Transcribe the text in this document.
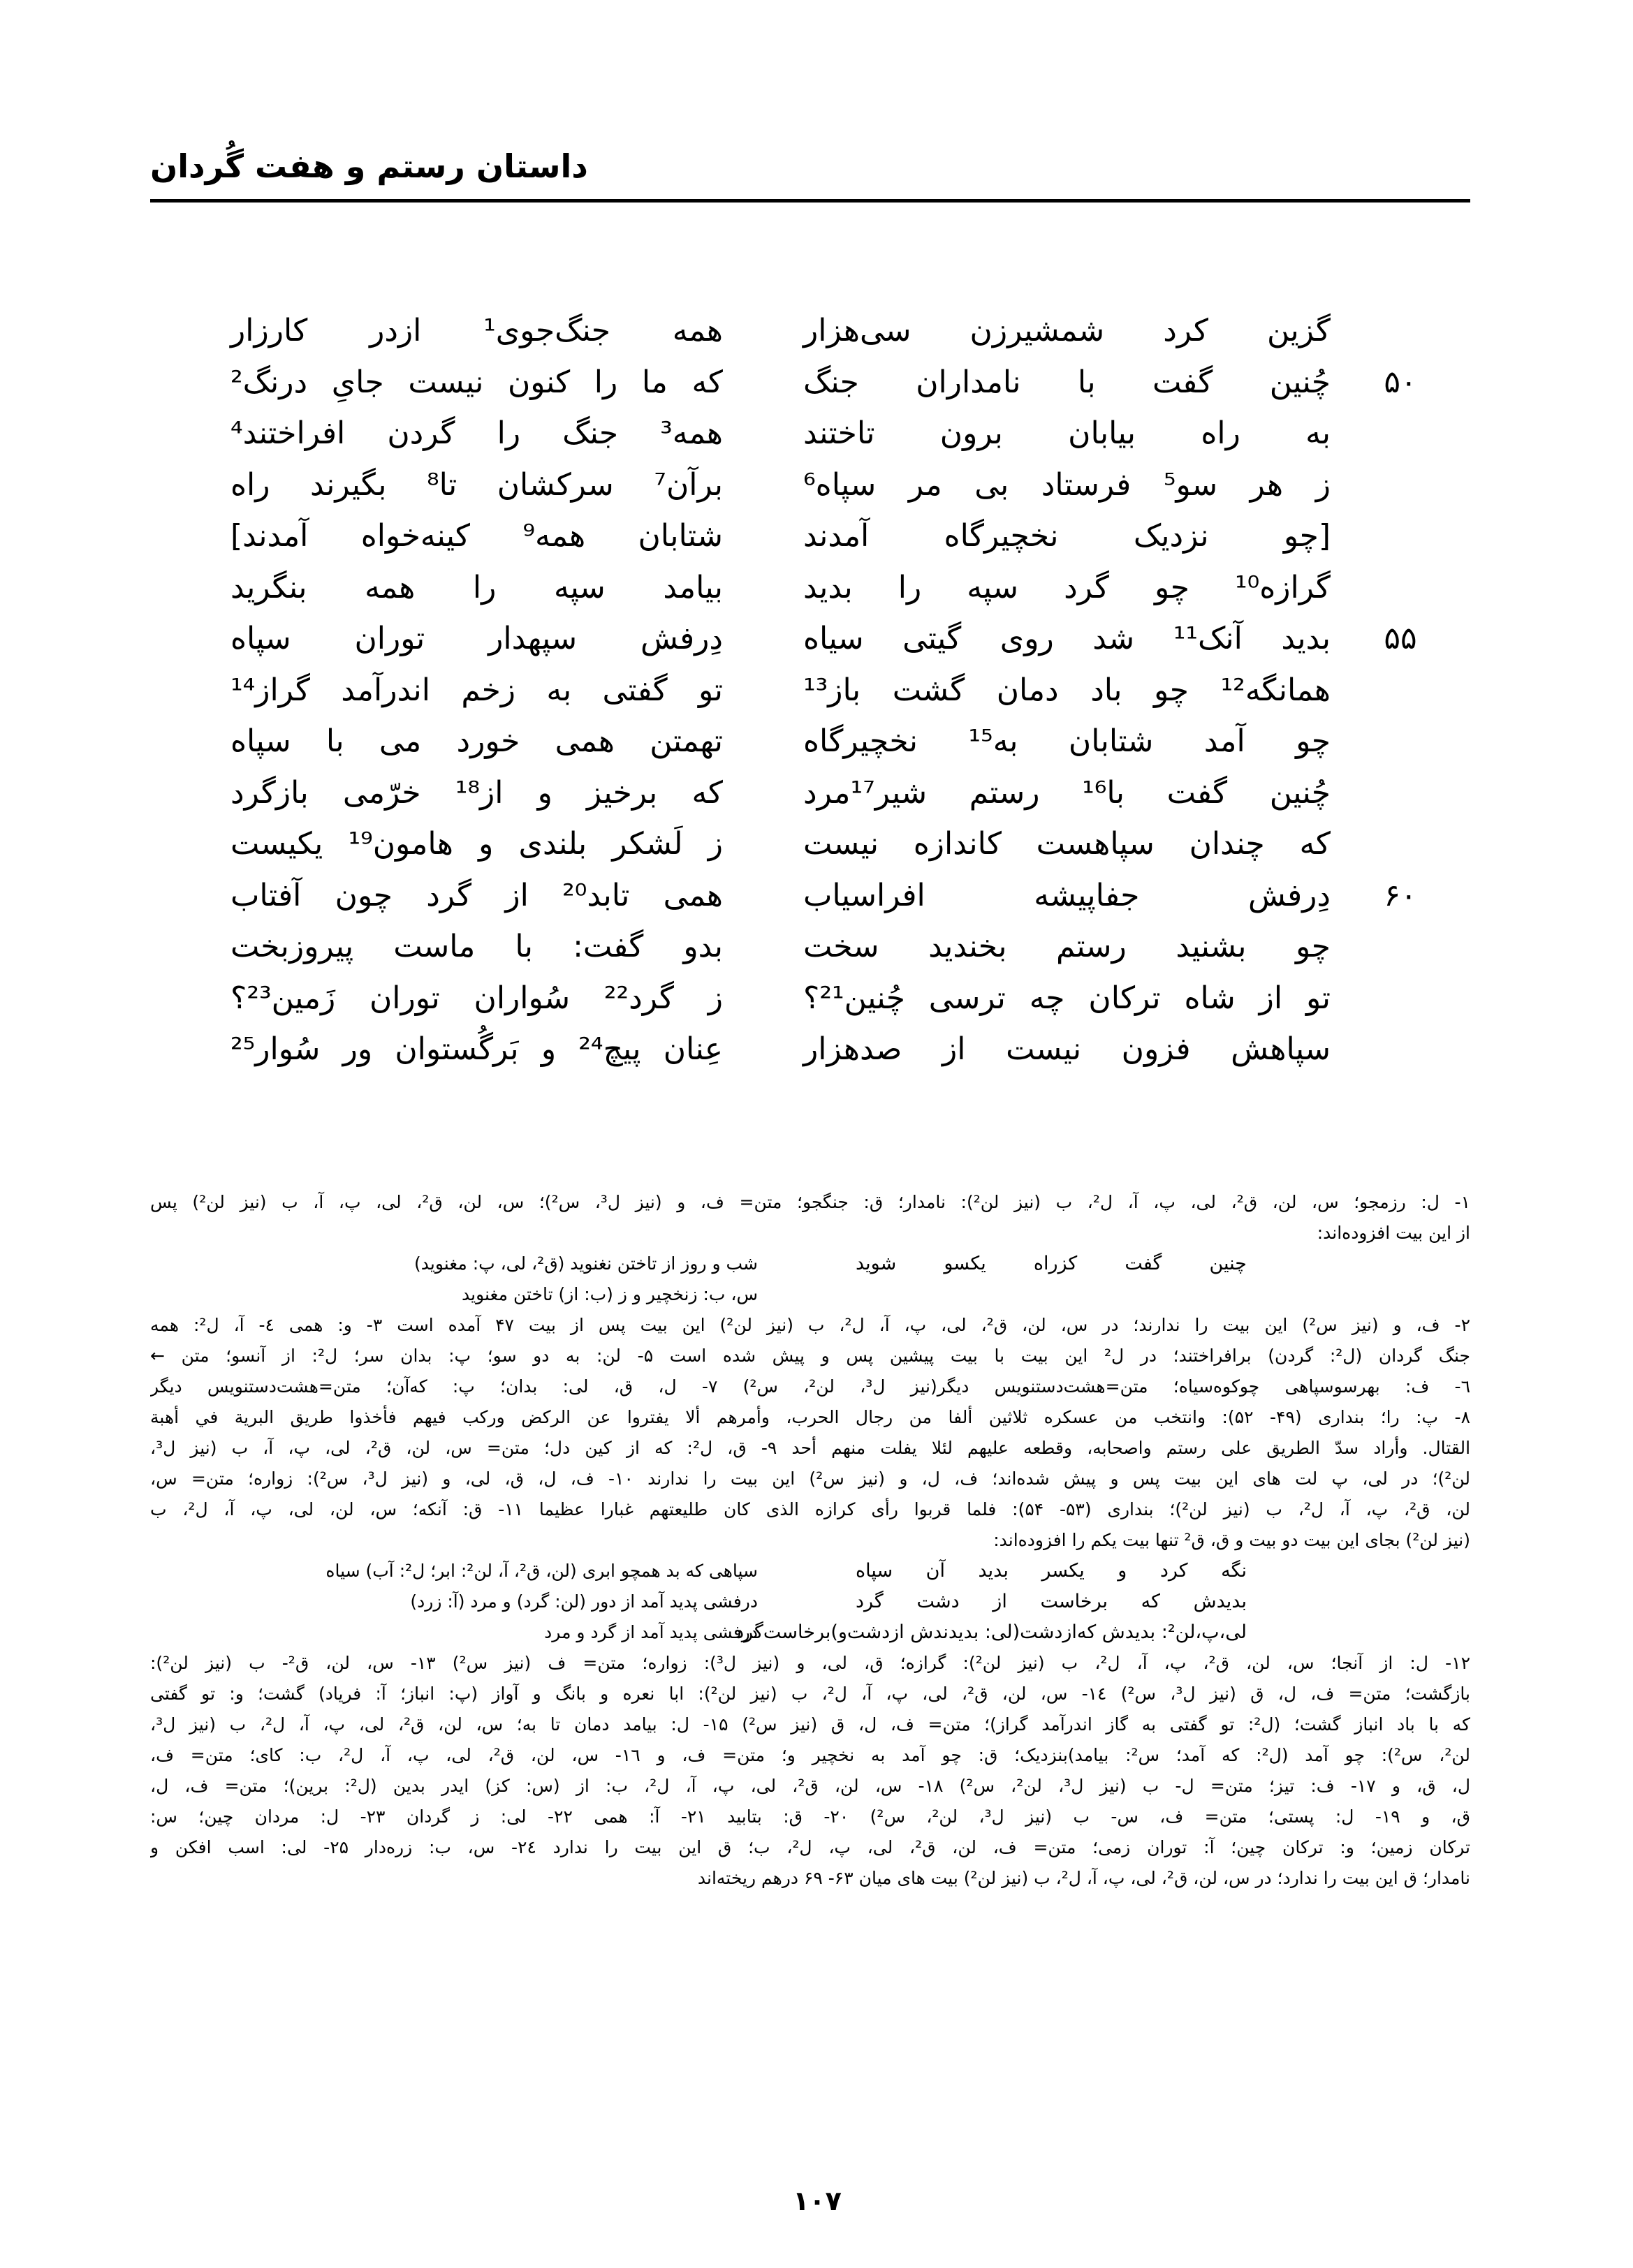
داستان رستم و هفت گُردان
گزین کرد شمشیرزن سی‌هزار
همه جنگ‌جوی¹ ازدر کارزار
۵۰
چُنین گفت با نامداران جنگ
که ما را کنون نیست جایِ درنگ²
به راه بیابان برون تاختند
همه³ جنگ را گردن افراختند⁴
ز هر سو⁵ فرستاد بی مر سپاه⁶
برآن⁷ سرکشان تا⁸ بگیرند راه
[چو نزدیک نخچیرگاه آمدند
شتابان همه⁹ کینه‌خواه آمدند]
گرازه¹⁰ چو گرد سپه را بدید
بیامد سپه را همه بنگرید
۵۵
بدید آنک¹¹ شد روی گیتی سیاه
دِرفش سپهدار توران سپاه
همانگه¹² چو باد دمان گشت باز¹³
تو گفتی به زخم اندرآمد گراز¹⁴
چو آمد شتابان به¹⁵ نخچیرگاه
تهمتن همی خورد می با سپاه
چُنین گفت با¹⁶ رستم شیر¹⁷مرد
که برخیز و از¹⁸ خرّمی بازگرد
که چندان سپاهست کاندازه نیست
ز لَشکر بلندی و هامون¹⁹ یکیست
۶۰
دِرفش جفاپیشه افراسیاب
همی تابد²⁰ از گرد چون آفتاب
چو بشنید رستم بخندید سخت
بدو گفت: با ماست پیروزبخت
تو از شاه ترکان چه ترسی چُنین²¹؟
ز گرد²² سُواران توران زَمین²³؟
سپاهش فزون نیست از صدهزار
عِنان پیچ²⁴ و بَرگُستوان ور سُوار²⁵
۱- ل: رزمجو؛ س، لن، ق²، لی، پ، آ، ل²، ب (نیز لن²): نامدار؛ ق: جنگجو؛ متن= ف، و (نیز ل³، س²)؛ س، لن، ق²، لی، پ، آ، ب (نیز لن²) پس
از این بیت افزوده‌اند:
چنین گفت کزراه یکسو شوید
شب و روز از تاختن نغنوید (ق²، لی، پ: مغنوید)
س، ب: زنخچیر و ز (ب: از) تاختن مغنوید
۲- ف، و (نیز س²) این بیت را ندارند؛ در س، لن، ق²، لی، پ، آ، ل²، ب (نیز لن²) این بیت پس از بیت ۴۷ آمده است ۳- و: همی ٤- آ، ل²: همه
جنگ گردان (ل²: گردن) برافراختند؛ در ل² این بیت با بیت پیشین پس و پیش شده است ۵- لن: به دو سو؛ پ: بدان سر؛ ل²: از آنسو؛ متن ←
٦- ف: بهرسوسپاهی چوکوه‌سیاه؛ متن=هشت‌دستنویس دیگر(نیز ل³، لن²، س²) ۷- ل، ق، لی: بدان؛ پ: که‌آن؛ متن=هشت‌دستنویس دیگر
۸- پ: را؛ بنداری (۴۹- ۵۲): وانتخب من عسکره ثلاثین ألفا من رجال الحرب، وأمرهم ألا یفتروا عن الرکض ورکب فیهم فأخذوا طریق البریة في أهبة
القتال. وأراد سدّ الطریق علی رستم واصحابه، وقطعه علیهم لئلا یفلت منهم أحد ۹- ق، ل²: که از کین دل؛ متن= س، لن، ق²، لی، پ، آ، ب (نیز ل³،
لن²)؛ در لی، پ لت های این بیت پس و پیش شده‌اند؛ ف، ل، و (نیز س²) این بیت را ندارند ۱۰- ف، ل، ق، لی، و (نیز ل³، س²): زواره؛ متن= س،
لن، ق²، پ، آ، ل²، ب (نیز لن²)؛ بنداری (۵۳- ۵۴): فلما قربوا رأی کرازه الذی کان طلیعتهم غبارا عظیما ۱۱- ق: آنکه؛ س، لن، لی، پ، آ، ل²، ب
(نیز لن²) بجای این بیت دو بیت و ق، ق² تنها بیت یکم را افزوده‌اند:
نگه کرد و یکسر بدید آن سپاه
سپاهی که بد همچو ابری (لن، ق²، آ، لن²: ابر؛ ل²: آب) سیاه
بدیدش که برخاست از دشت گرد
درفشی پدید آمد از دور (لن: گرد) و مرد (آ: زرد)
لی،پ،لن²: بدیدش که‌ازدشت(لی: بدیدندش ازدشت‌و)برخاست‌گرد
درفشی پدید آمد از گرد و مرد
۱۲- ل: از آنجا؛ س، لن، ق²، پ، آ، ل²، ب (نیز لن²): گرازه؛ ق، لی، و (نیز ل³): زواره؛ متن= ف (نیز س²) ۱۳- س، لن، ق²- ب (نیز لن²):
بازگشت؛ متن= ف، ل، ق (نیز ل³، س²) ١٤- س، لن، ق²، لی، پ، آ، ل²، ب (نیز لن²): ابا نعره و بانگ و آواز (پ: انباز؛ آ: فریاد) گشت؛ و: تو گفتی
که با باد انباز گشت؛ (ل²: تو گفتی به گاز اندرآمد گراز)؛ متن= ف، ل، ق (نیز س²) ۱۵- ل: بیامد دمان تا به؛ س، لن، ق²، لی، پ، آ، ل²، ب (نیز ل³،
لن²، س²): چو آمد (ل²: که آمد؛ س²: بیامد)بنزدیک؛ ق: چو آمد به نخچیر و؛ متن= ف، و ١٦- س، لن، ق²، لی، پ، آ، ل²، ب: کای؛ متن= ف،
ل، ق، و ۱۷- ف: تیز؛ متن= ل- ب (نیز ل³، لن²، س²) ۱۸- س، لن، ق²، لی، پ، آ، ل²، ب: از (س: کز) ایدر بدین (ل²: برین)؛ متن= ف، ل،
ق، و ۱۹- ل: پستی؛ متن= ف، س- ب (نیز ل³، لن²، س²) ۲۰- ق: بتابید ۲۱- آ: همی ۲۲- لی: ز گردان ۲۳- ل: مردان چین؛ س:
ترکان زمین؛ و: ترکان چین؛ آ: توران زمی؛ متن= ف، لن، ق²، لی، پ، ل²، ب؛ ق این بیت را ندارد ٢٤- س، ب: زره‌دار ۲۵- لی: اسب افکن و
نامدار؛ ق این بیت را ندارد؛ در س، لن، ق²، لی، پ، آ، ل²، ب (نیز لن²) بیت های میان ۶۳- ۶۹ درهم ریخته‌اند
۱۰۷
